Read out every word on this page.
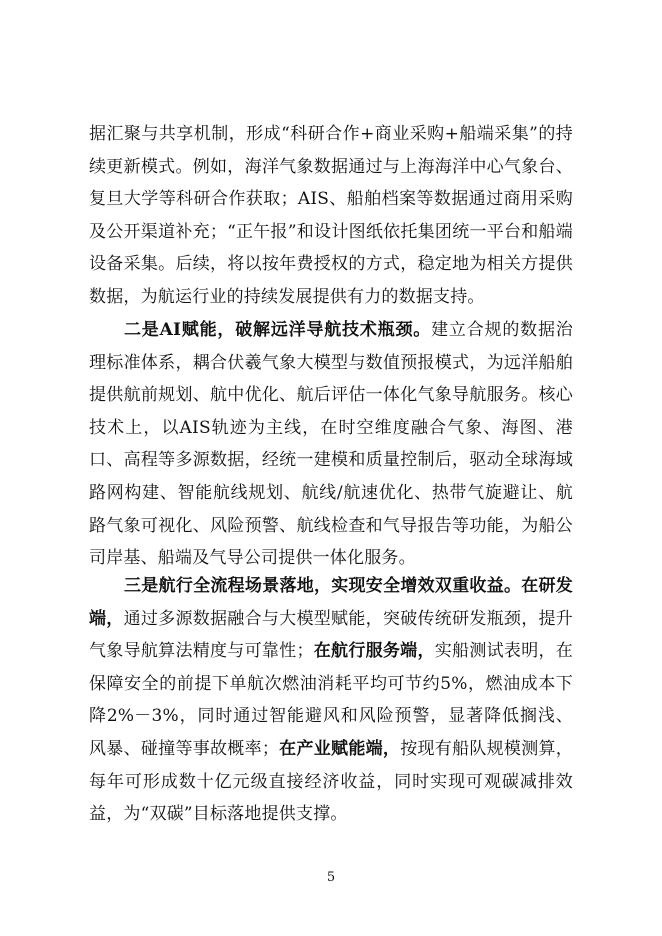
据汇聚与共享机制，形成“科研合作+商业采购+船端采集”的持续更新模式。例如，海洋气象数据通过与上海海洋中心气象台、复旦大学等科研合作获取；AIS、船舶档案等数据通过商用采购及公开渠道补充；“正午报”和设计图纸依托集团统一平台和船端设备采集。后续，将以按年费授权的方式，稳定地为相关方提供数据，为航运行业的持续发展提供有力的数据支持。

二是AI赋能，破解远洋导航技术瓶颈。建立合规的数据治理标准体系，耦合伏羲气象大模型与数值预报模式，为远洋船舶提供航前规划、航中优化、航后评估一体化气象导航服务。核心技术上，以AIS轨迹为主线，在时空维度融合气象、海图、港口、高程等多源数据，经统一建模和质量控制后，驱动全球海域路网构建、智能航线规划、航线/航速优化、热带气旋避让、航路气象可视化、风险预警、航线检查和气导报告等功能，为船公司岸基、船端及气导公司提供一体化服务。

三是航行全流程场景落地，实现安全增效双重收益。在研发端，通过多源数据融合与大模型赋能，突破传统研发瓶颈，提升气象导航算法精度与可靠性；在航行服务端，实船测试表明，在保障安全的前提下单航次燃油消耗平均可节约5%，燃油成本下降2%－3%，同时通过智能避风和风险预警，显著降低搁浅、风暴、碰撞等事故概率；在产业赋能端，按现有船队规模测算，每年可形成数十亿元级直接经济收益，同时实现可观碳减排效益，为“双碳”目标落地提供支撑。

5
